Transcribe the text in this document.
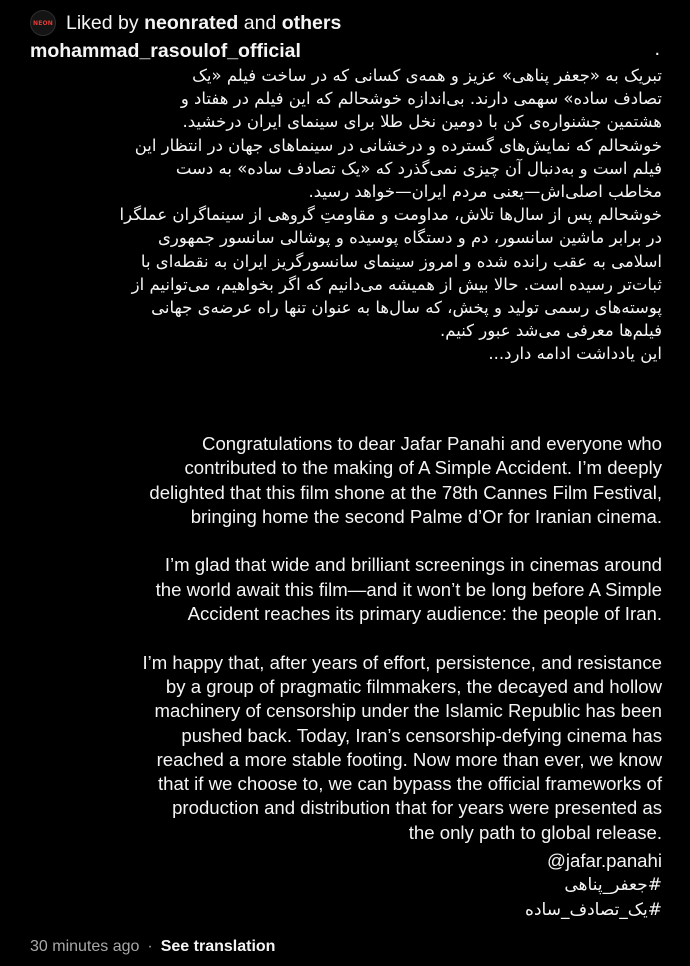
NEON Liked by
neonrated
and
others
mohammad_rasoulof_official	.
تبریک به «جعفر پناهی» عزیز و همه‌ی کسانی که در ساخت فیلم «یک
تصادف ساده» سهمی دارند. بی‌اندازه خوشحالم که این فیلم در هفتاد و
هشتمین جشنواره‌ی کن با دومین نخل طلا برای سینمای ایران درخشید.
خوشحالم که نمایش‌های گسترده و درخشانی در سینماهای جهان در انتظار این
فیلم است و به‌دنبال آن چیزی نمی‌گذرد که «یک تصادف ساده» به دست
مخاطب اصلی‌اش—یعنی مردم ایران—خواهد رسید.
خوشحالم پس از سال‌ها تلاش، مداومت و مقاومتِ گروهی از سینماگران عملگرا
در برابر ماشین سانسور، دم و دستگاه پوسیده و پوشالی سانسور جمهوری
اسلامی به عقب رانده شده و امروز سینمای سانسورگریز ایران به نقطه‌ای با
ثبات‌تر رسیده است. حالا بیش از همیشه می‌دانیم که اگر بخواهیم، می‌توانیم از
پوسته‌های رسمی تولید و پخش، که سال‌ها به عنوان تنها راه عرضه‌ی جهانی
فیلم‌ها معرفی می‌شد عبور کنیم.
این یادداشت ادامه دارد...
Congratulations to dear Jafar Panahi and everyone who
contributed to the making of A Simple Accident. I’m deeply
delighted that this film shone at the 78th Cannes Film Festival,
bringing home the second Palme d’Or for Iranian cinema.
I’m glad that wide and brilliant screenings in cinemas around
the world await this film—and it won’t be long before A Simple
Accident reaches its primary audience: the people of Iran.
I’m happy that, after years of effort, persistence, and resistance
by a group of pragmatic filmmakers, the decayed and hollow
machinery of censorship under the Islamic Republic has been
pushed back. Today, Iran’s censorship-defying cinema has
reached a more stable footing. Now more than ever, we know
that if we choose to, we can bypass the official frameworks of
production and distribution that for years were presented as
the only path to global release.
@jafar.panahi
#جعفر_پناهی
#یک_تصادف_ساده
30 minutes ago · See translation
